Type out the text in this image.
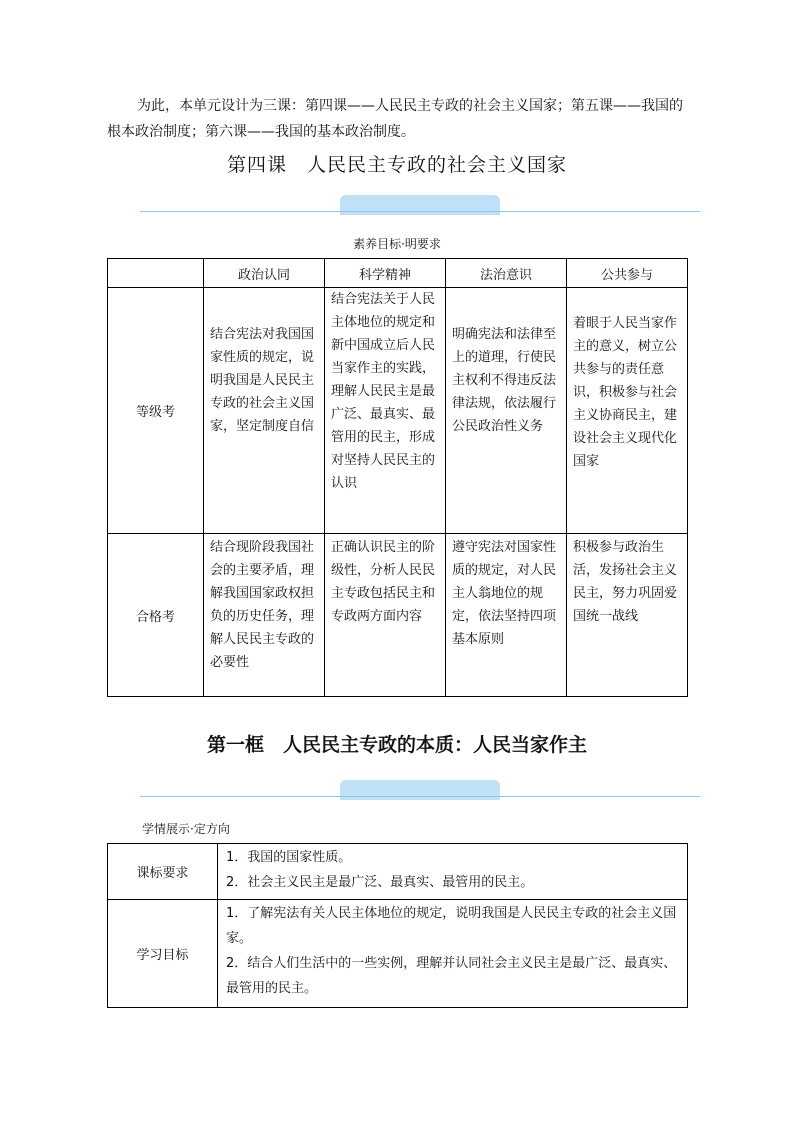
为此，本单元设计为三课：第四课——人民民主专政的社会主义国家；第五课——我国的根本政治制度；第六课——我国的基本政治制度。
第四课　人民民主专政的社会主义国家
素养目标·明要求
	政治认同	科学精神	法治意识	公共参与
等级考	结合宪法对我国国家性质的规定，说明我国是人民民主专政的社会主义国家，坚定制度自信	结合宪法关于人民主体地位的规定和新中国成立后人民当家作主的实践，理解人民民主是最广泛、最真实、最管用的民主，形成对坚持人民民主的认识	明确宪法和法律至上的道理，行使民主权利不得违反法律法规，依法履行公民政治性义务	着眼于人民当家作主的意义，树立公共参与的责任意识，积极参与社会主义协商民主，建设社会主义现代化国家
合格考	结合现阶段我国社会的主要矛盾，理解我国国家政权担负的历史任务，理解人民民主专政的必要性	正确认识民主的阶级性，分析人民民主专政包括民主和专政两方面内容	遵守宪法对国家性质的规定，对人民主人翁地位的规定，依法坚持四项基本原则	积极参与政治生活，发扬社会主义民主，努力巩固爱国统一战线
第一框　人民民主专政的本质：人民当家作主
学情展示·定方向
课标要求	1．我国的国家性质。
2．社会主义民主是最广泛、最真实、最管用的民主。

学习目标	1．了解宪法有关人民主体地位的规定，说明我国是人民民主专政的社会主义国家。
2．结合人们生活中的一些实例，理解并认同社会主义民主是最广泛、最真实、最管用的民主。
